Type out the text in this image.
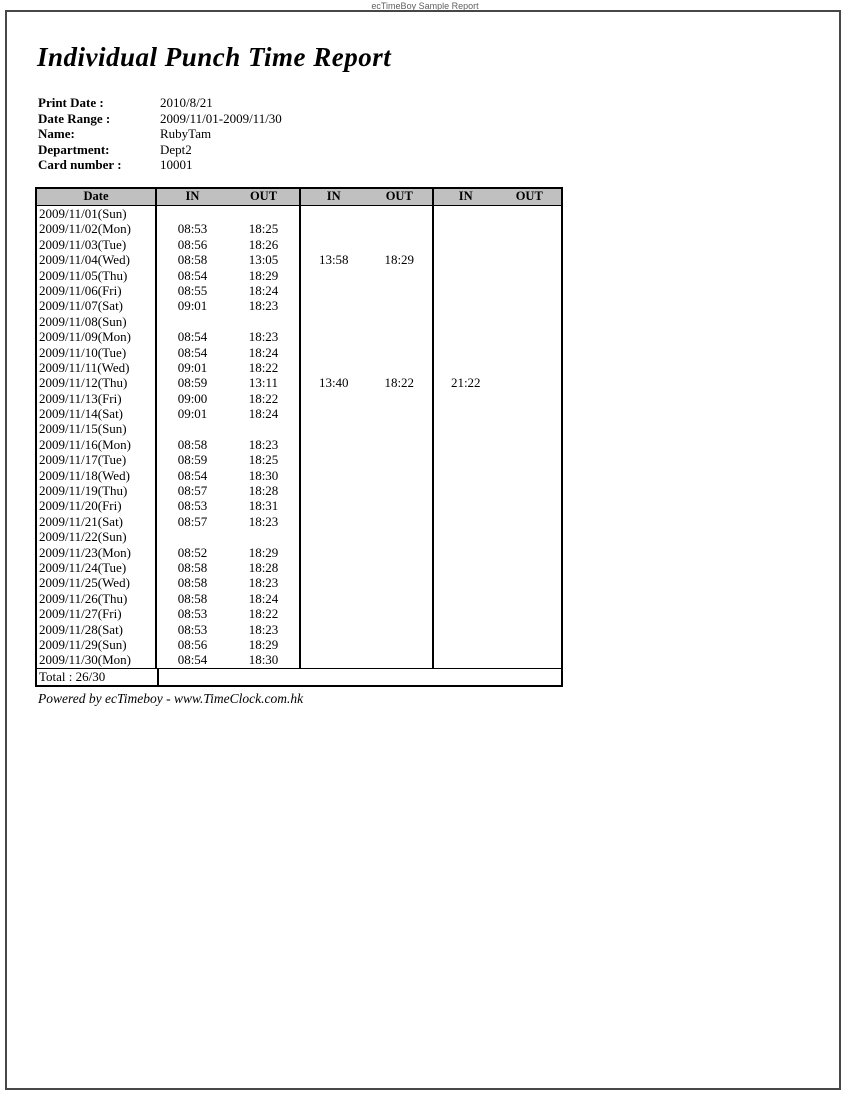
ecTimeBoy Sample Report
Individual Punch Time Report
Print Date :	2010/8/21
Date Range :	2009/11/01-2009/11/30
Name:	RubyTam
Department:	Dept2
Card number :	10001
Date	IN	OUT	IN	OUT	IN	OUT
2009/11/01(Sun)
2009/11/02(Mon)	08:53	18:25
2009/11/03(Tue)	08:56	18:26
2009/11/04(Wed)	08:58	13:05	13:58	18:29
2009/11/05(Thu)	08:54	18:29
2009/11/06(Fri)	08:55	18:24
2009/11/07(Sat)	09:01	18:23
2009/11/08(Sun)
2009/11/09(Mon)	08:54	18:23
2009/11/10(Tue)	08:54	18:24
2009/11/11(Wed)	09:01	18:22
2009/11/12(Thu)	08:59	13:11	13:40	18:22	21:22
2009/11/13(Fri)	09:00	18:22
2009/11/14(Sat)	09:01	18:24
2009/11/15(Sun)
2009/11/16(Mon)	08:58	18:23
2009/11/17(Tue)	08:59	18:25
2009/11/18(Wed)	08:54	18:30
2009/11/19(Thu)	08:57	18:28
2009/11/20(Fri)	08:53	18:31
2009/11/21(Sat)	08:57	18:23
2009/11/22(Sun)
2009/11/23(Mon)	08:52	18:29
2009/11/24(Tue)	08:58	18:28
2009/11/25(Wed)	08:58	18:23
2009/11/26(Thu)	08:58	18:24
2009/11/27(Fri)	08:53	18:22
2009/11/28(Sat)	08:53	18:23
2009/11/29(Sun)	08:56	18:29
2009/11/30(Mon)	08:54	18:30
Total : 26/30
Powered by ecTimeboy - www.TimeClock.com.hk
